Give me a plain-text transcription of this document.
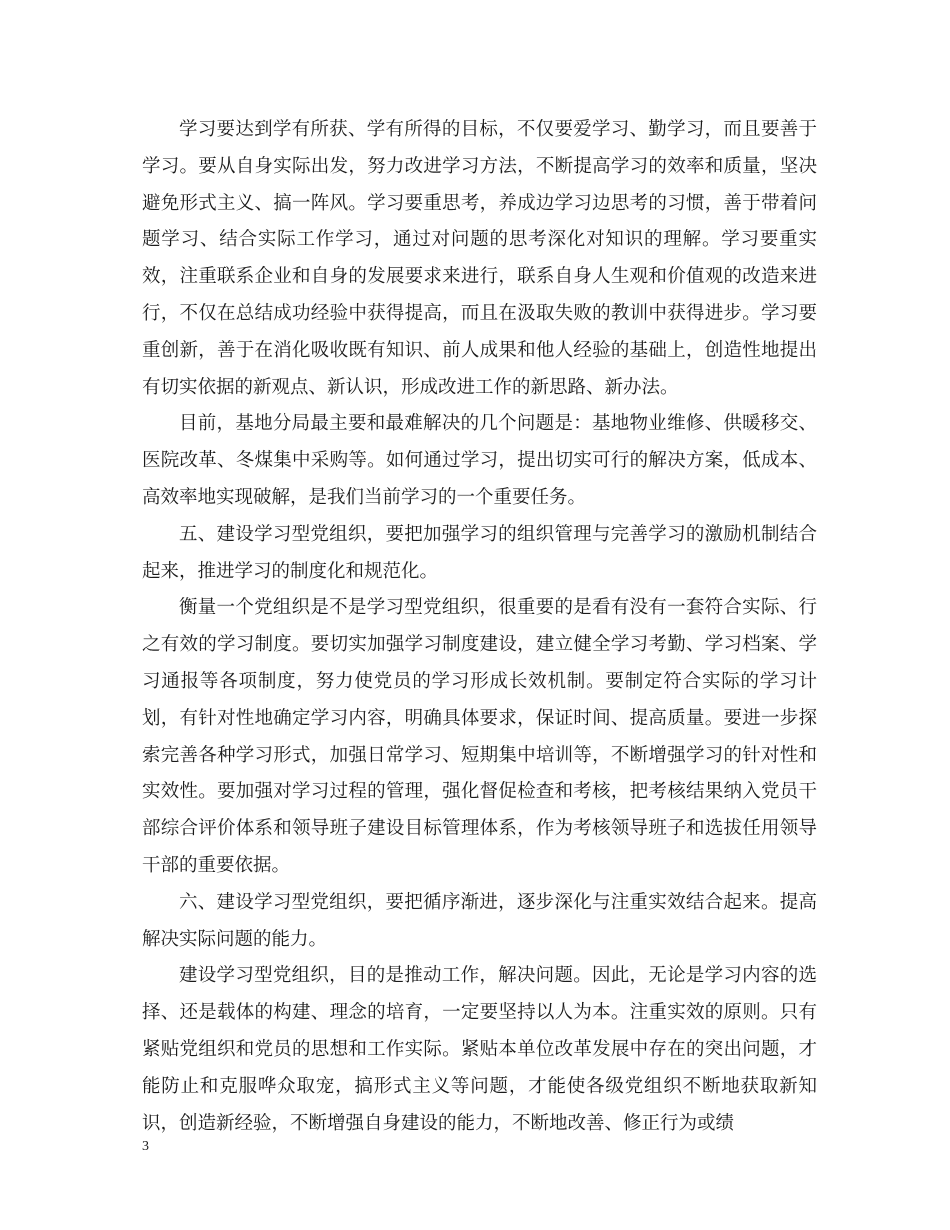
学习要达到学有所获、学有所得的目标，不仅要爱学习、勤学习，而且要善于学习。要从自身实际出发，努力改进学习方法，不断提高学习的效率和质量，坚决避免形式主义、搞一阵风。学习要重思考，养成边学习边思考的习惯，善于带着问题学习、结合实际工作学习，通过对问题的思考深化对知识的理解。学习要重实效，注重联系企业和自身的发展要求来进行，联系自身人生观和价值观的改造来进行，不仅在总结成功经验中获得提高，而且在汲取失败的教训中获得进步。学习要重创新，善于在消化吸收既有知识、前人成果和他人经验的基础上，创造性地提出有切实依据的新观点、新认识，形成改进工作的新思路、新办法。

目前，基地分局最主要和最难解决的几个问题是：基地物业维修、供暖移交、医院改革、冬煤集中采购等。如何通过学习，提出切实可行的解决方案，低成本、高效率地实现破解，是我们当前学习的一个重要任务。

五、建设学习型党组织，要把加强学习的组织管理与完善学习的激励机制结合起来，推进学习的制度化和规范化。

衡量一个党组织是不是学习型党组织，很重要的是看有没有一套符合实际、行之有效的学习制度。要切实加强学习制度建设，建立健全学习考勤、学习档案、学习通报等各项制度，努力使党员的学习形成长效机制。要制定符合实际的学习计划，有针对性地确定学习内容，明确具体要求，保证时间、提高质量。要进一步探索完善各种学习形式，加强日常学习、短期集中培训等，不断增强学习的针对性和实效性。要加强对学习过程的管理，强化督促检查和考核，把考核结果纳入党员干部综合评价体系和领导班子建设目标管理体系，作为考核领导班子和选拔任用领导干部的重要依据。

六、建设学习型党组织，要把循序渐进，逐步深化与注重实效结合起来。提高解决实际问题的能力。

建设学习型党组织，目的是推动工作，解决问题。因此，无论是学习内容的选择、还是载体的构建、理念的培育，一定要坚持以人为本。注重实效的原则。只有紧贴党组织和党员的思想和工作实际。紧贴本单位改革发展中存在的突出问题，才能防止和克服哗众取宠，搞形式主义等问题，才能使各级党组织不断地获取新知识，创造新经验，不断增强自身建设的能力，不断地改善、修正行为或绩

3
